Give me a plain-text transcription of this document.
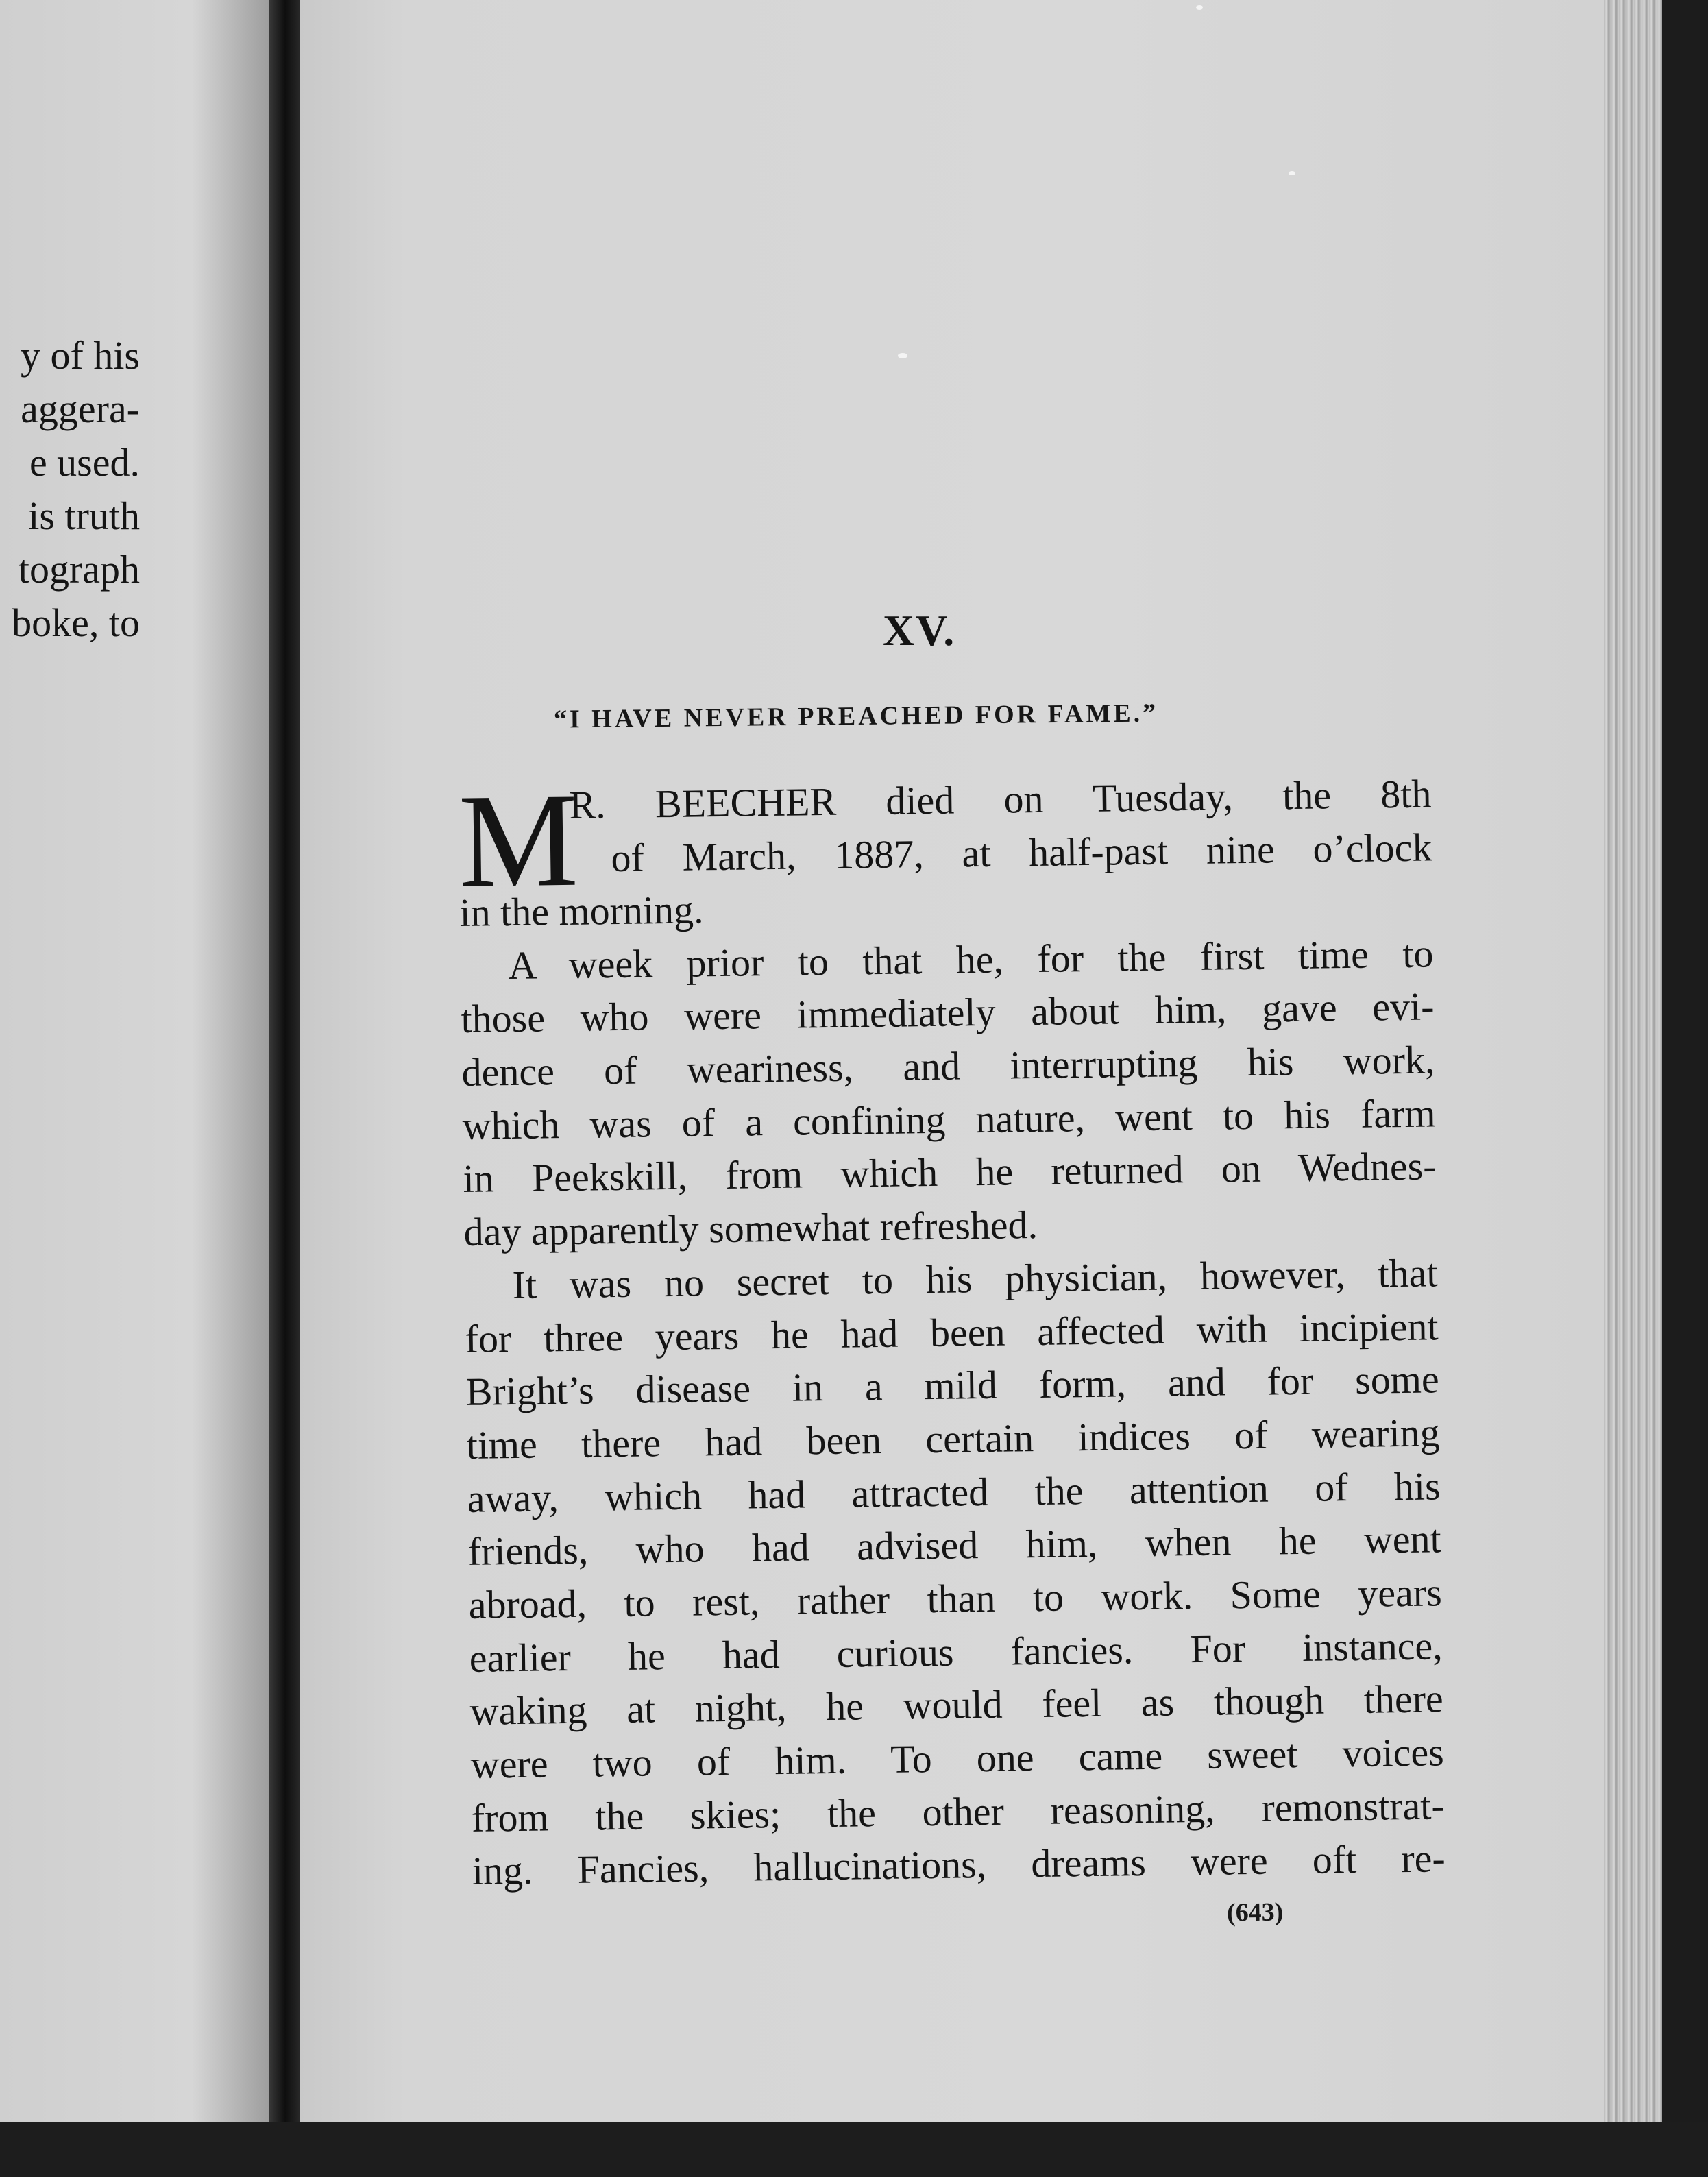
y of his
aggera-
e used.
is truth
tograph
boke, to	XV.
“I HAVE NEVER PREACHED FOR FAME.”
M
R. BEECHER died on Tuesday, the 8th
of March, 1887, at half-past nine o’clock
in the morning.
A week prior to that he, for the first time to
those who were immediately about him, gave evi-
dence of weariness, and interrupting his work,
which was of a confining nature, went to his farm
in Peekskill, from which he returned on Wednes-
day apparently somewhat refreshed.
It was no secret to his physician, however, that
for three years he had been affected with incipient
Bright’s disease in a mild form, and for some
time there had been certain indices of wearing
away, which had attracted the attention of his
friends, who had advised him, when he went
abroad, to rest, rather than to work. Some years
earlier he had curious fancies. For instance,
waking at night, he would feel as though there
were two of him. To one came sweet voices
from the skies; the other reasoning, remonstrat-
ing. Fancies, hallucinations, dreams were oft re-
(643)
